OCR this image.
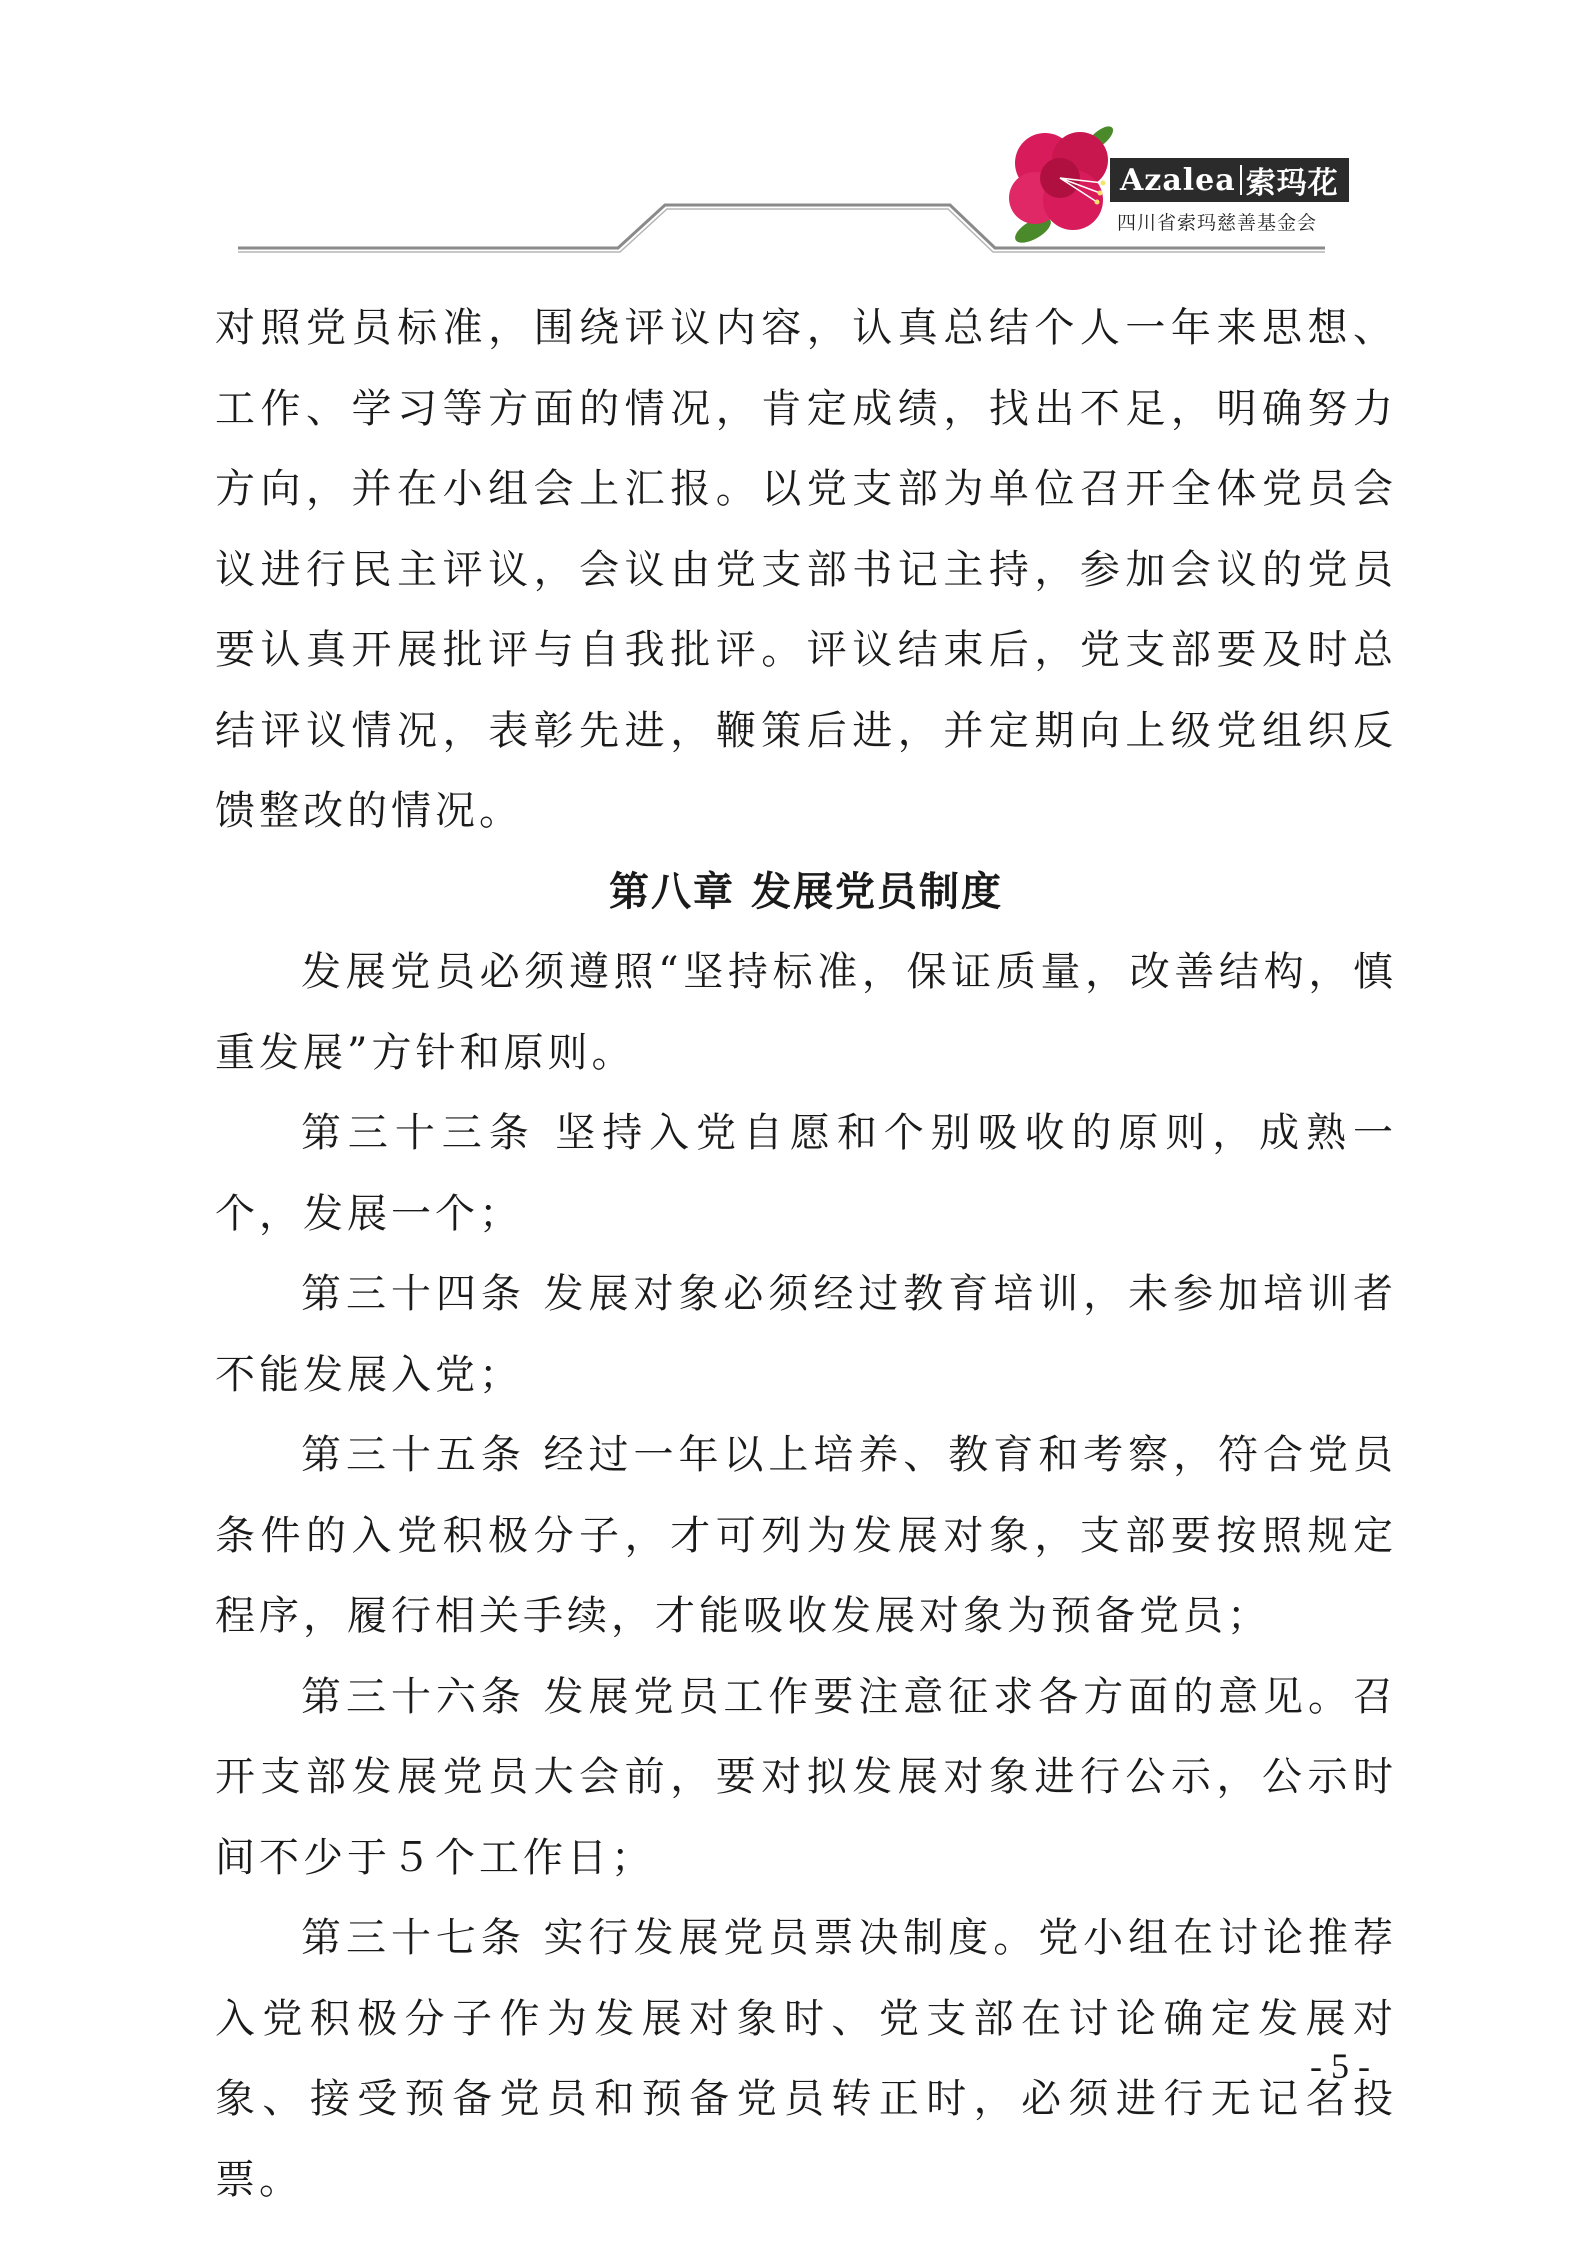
Azalea 索玛花
四川省索玛慈善基金会

对照党员标准，围绕评议内容，认真总结个人一年来思想、工作、学习等方面的情况，肯定成绩，找出不足，明确努力方向，并在小组会上汇报。以党支部为单位召开全体党员会议进行民主评议，会议由党支部书记主持，参加会议的党员要认真开展批评与自我批评。评议结束后，党支部要及时总结评议情况，表彰先进，鞭策后进，并定期向上级党组织反馈整改的情况。

第八章 发展党员制度

发展党员必须遵照“坚持标准，保证质量，改善结构，慎重发展”方针和原则。

第三十三条 坚持入党自愿和个别吸收的原则，成熟一个，发展一个；

第三十四条 发展对象必须经过教育培训，未参加培训者不能发展入党；

第三十五条 经过一年以上培养、教育和考察，符合党员条件的入党积极分子，才可列为发展对象，支部要按照规定程序，履行相关手续，才能吸收发展对象为预备党员；

第三十六条 发展党员工作要注意征求各方面的意见。召开支部发展党员大会前，要对拟发展对象进行公示，公示时间不少于５个工作日；

第三十七条 实行发展党员票决制度。党小组在讨论推荐入党积极分子作为发展对象时、党支部在讨论确定发展对象、接受预备党员和预备党员转正时，必须进行无记名投票。

- 5 -
